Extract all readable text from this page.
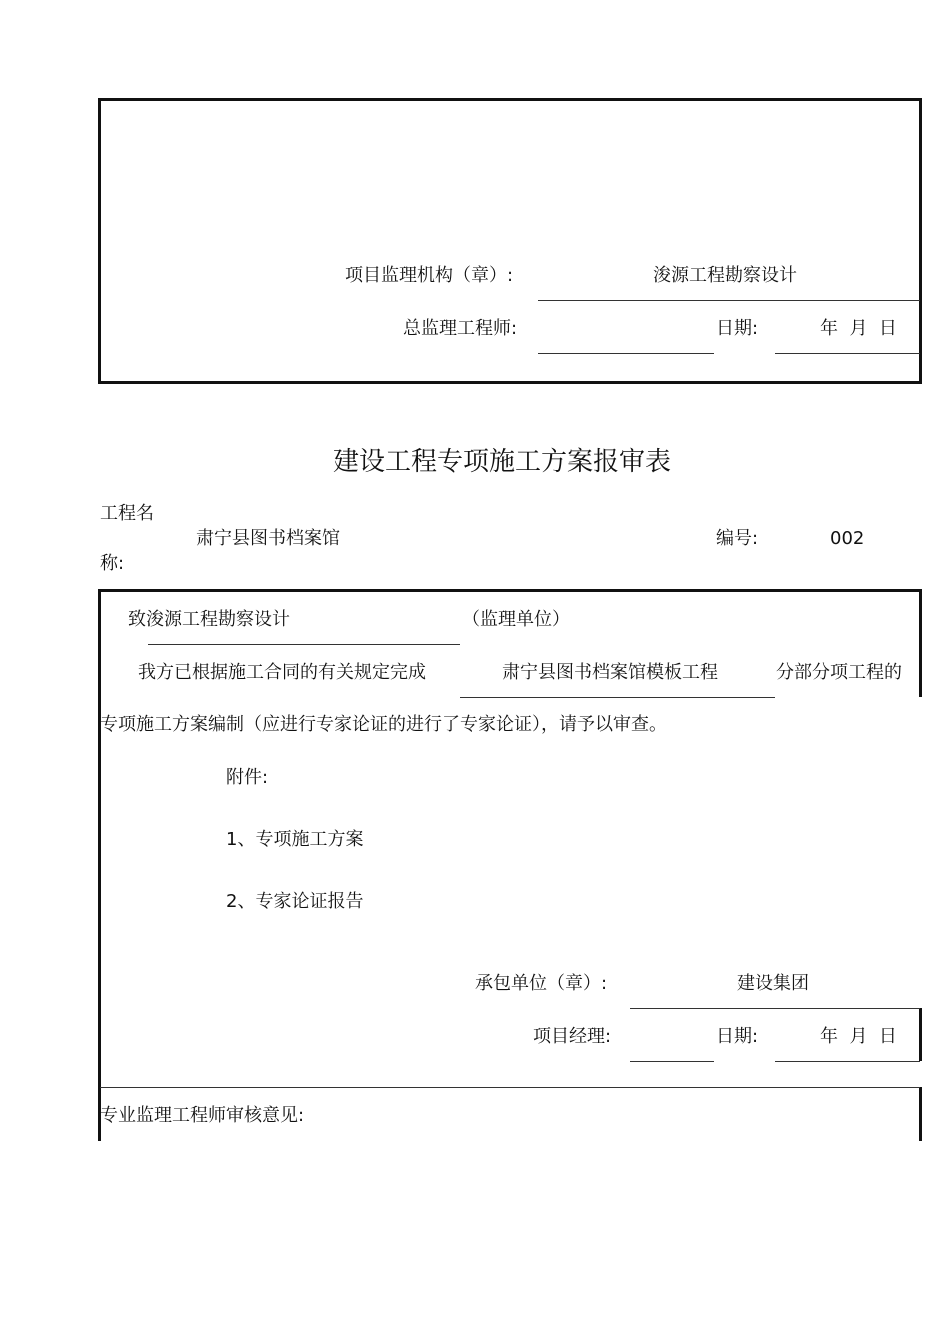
项目监理机构（章）:	浚源工程勘察设计
总监理工程师:	日期:	年  月  日
建设工程专项施工方案报审表
工程名
称:
肃宁县图书档案馆	编号:	002
致浚源工程勘察设计	（监理单位）
我方已根据施工合同的有关规定完成	肃宁县图书档案馆模板工程	分部分项工程的
专项施工方案编制（应进行专家论证的进行了专家论证），请予以审查。
附件:
1、专项施工方案
2、专家论证报告
承包单位（章）:	建设集团
项目经理:	日期:	年  月  日
专业监理工程师审核意见:
